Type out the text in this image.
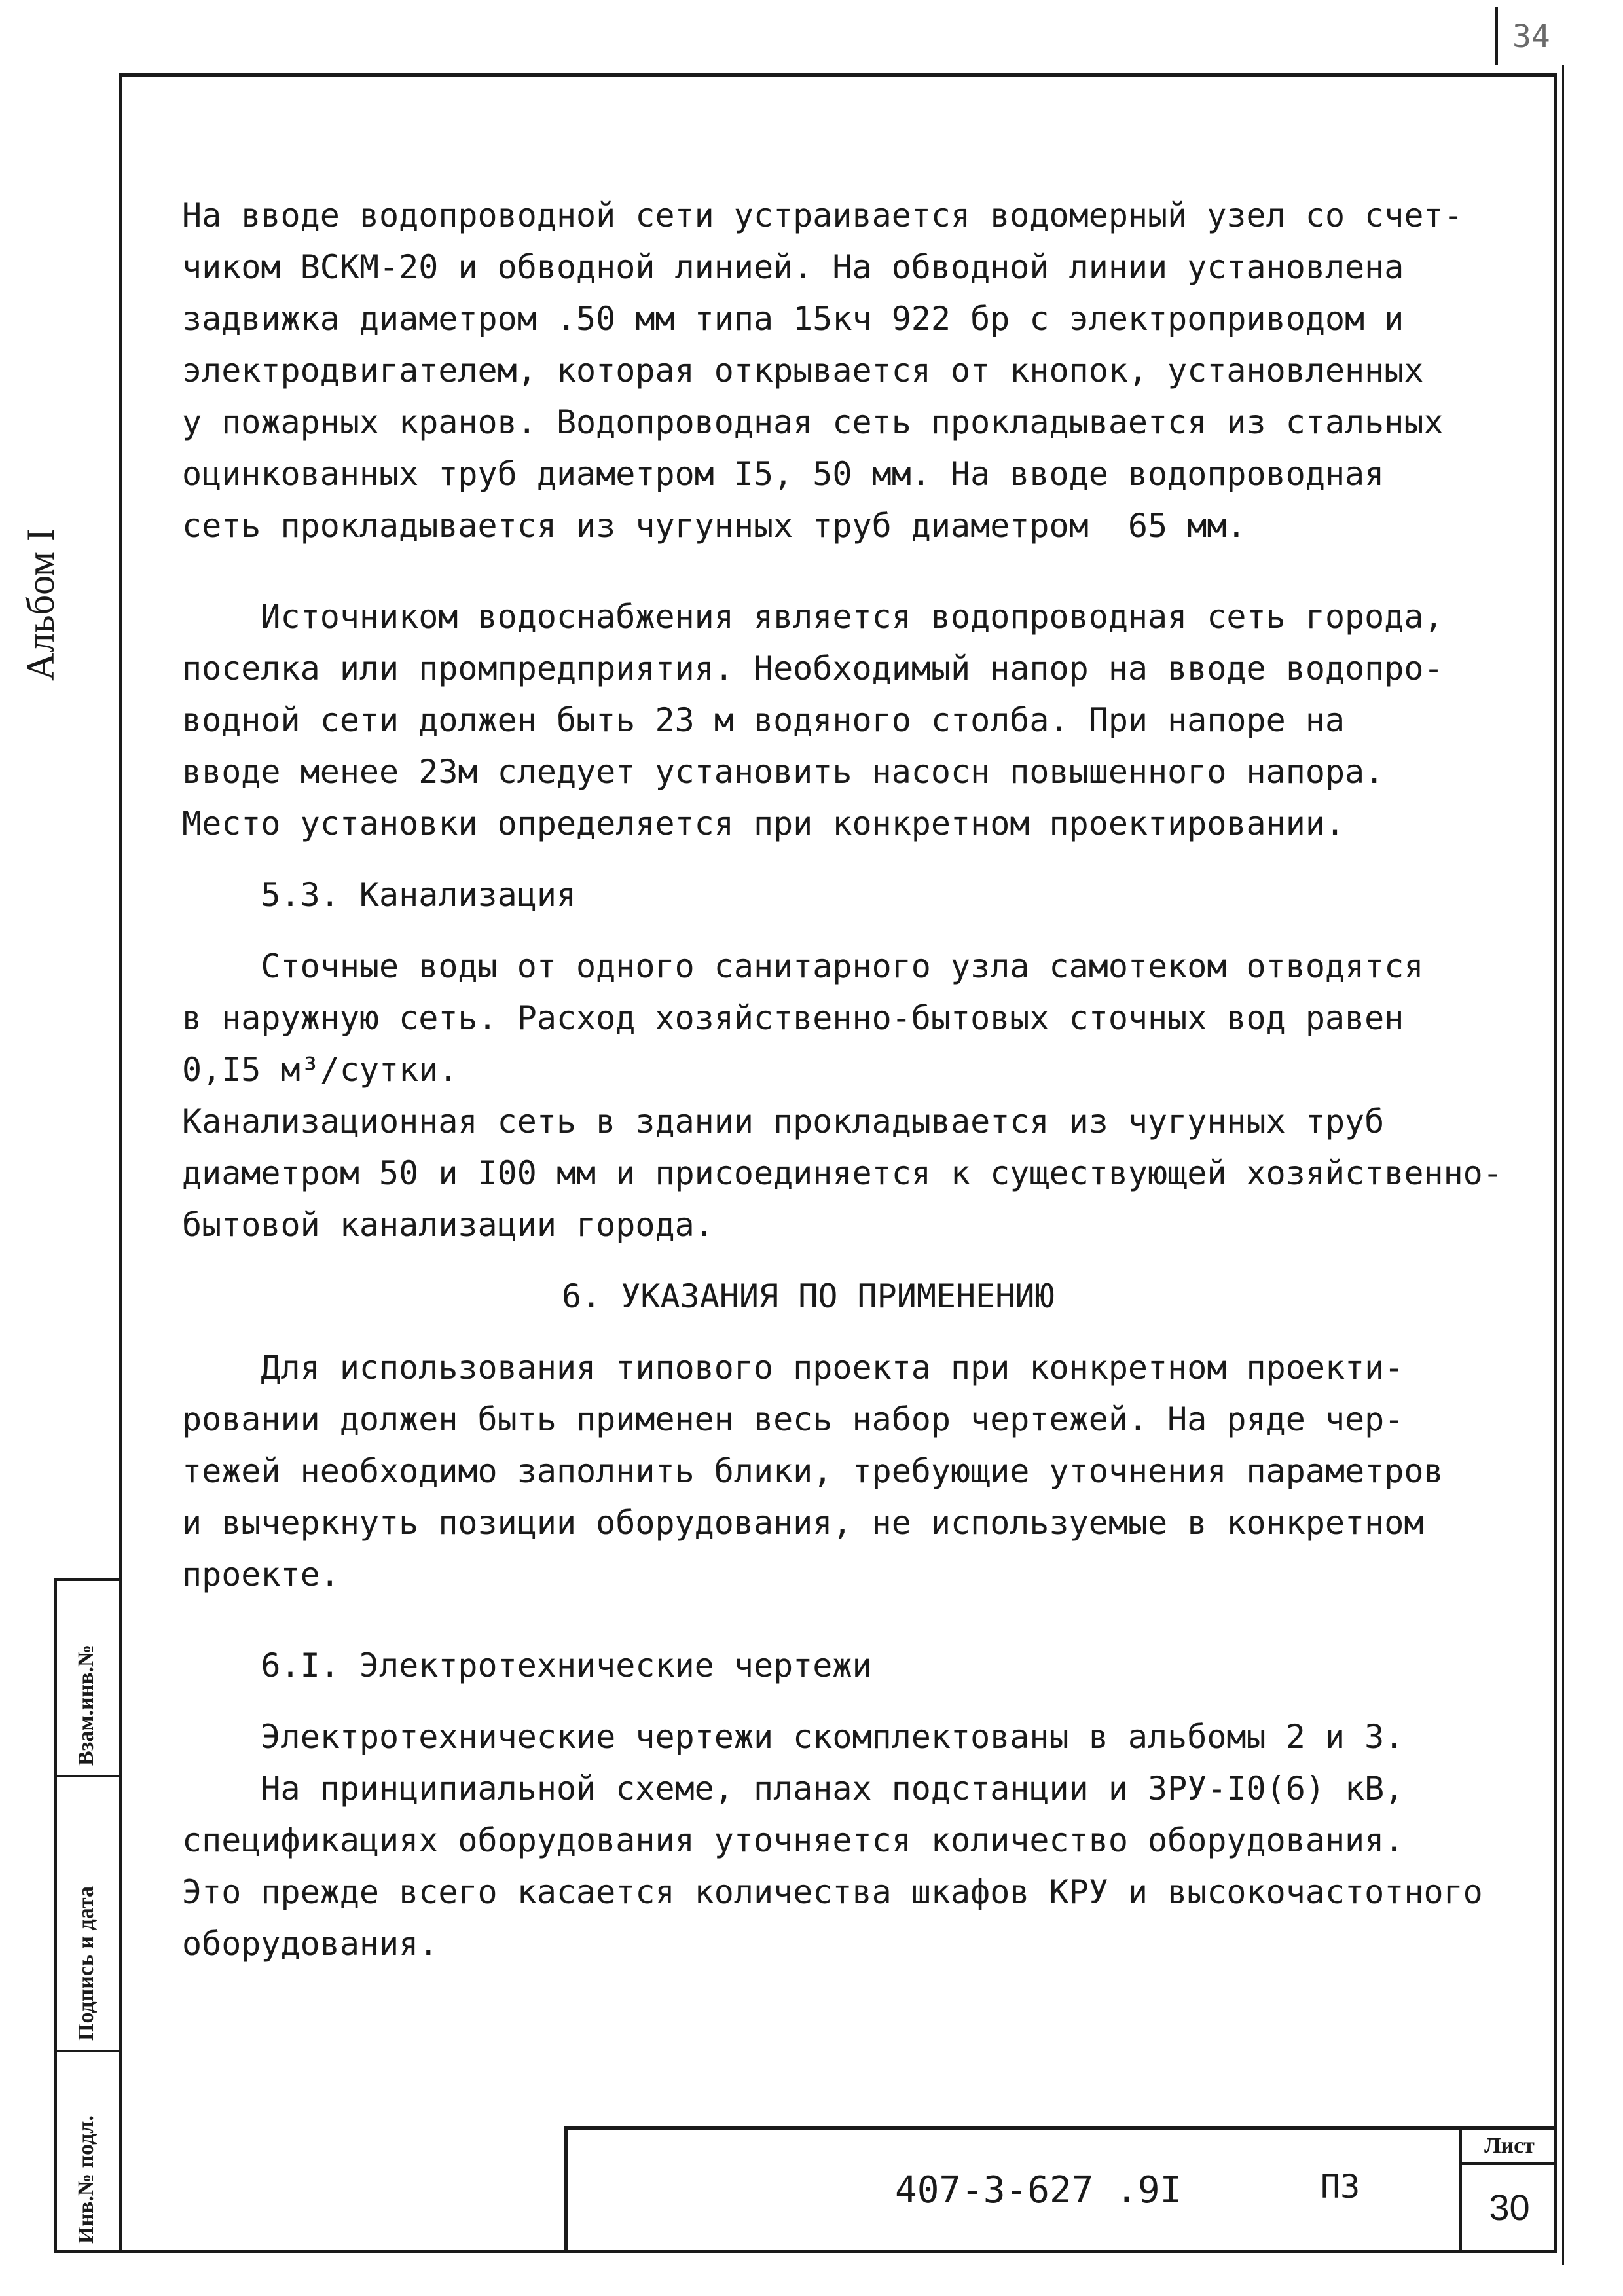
34
Альбом I
Взам.инв.№
Подпись и дата
Инв.№ подл.

На вводе водопроводной сети устраивается водомерный узел со счет-

чиком ВСКМ-20 и обводной линией. На обводной линии установлена

задвижка диаметром .50 мм типа 15кч 922 бр с электроприводом и

электродвигателем, которая открывается от кнопок, установленных

у пожарных кранов. Водопроводная сеть прокладывается из стальных

оцинкованных труб диаметром I5, 50 мм. На вводе водопроводная

сеть прокладывается из чугунных труб диаметром  65 мм.

Источником водоснабжения является водопроводная сеть города,

поселка или промпредприятия. Необходимый напор на вводе водопро-

водной сети должен быть 23 м водяного столба. При напоре на

вводе менее 23м следует установить насосн повышенного напора.

Место установки определяется при конкретном проектировании.

5.3. Канализация

Сточные воды от одного санитарного узла самотеком отводятся

в наружную сеть. Расход хозяйственно-бытовых сточных вод равен

0,I5 м³/сутки.

Канализационная сеть в здании прокладывается из чугунных труб

диаметром 50 и I00 мм и присоединяется к существующей хозяйственно-

бытовой канализации города.

6. УКАЗАНИЯ ПО ПРИМЕНЕНИЮ

Для использования типового проекта при конкретном проекти-

ровании должен быть применен весь набор чертежей. На ряде чер-

тежей необходимо заполнить блики, требующие уточнения параметров

и вычеркнуть позиции оборудования, не используемые в конкретном

проекте.

6.I. Электротехнические чертежи

Электротехнические чертежи скомплектованы в альбомы 2 и 3.

На принципиальной схеме, планах подстанции и ЗРУ-I0(6) кВ,

спецификациях оборудования уточняется количество оборудования.

Это прежде всего касается количества шкафов КРУ и высокочастотного

оборудования.

407-3-627 .9I	ПЗ
Лист
30
